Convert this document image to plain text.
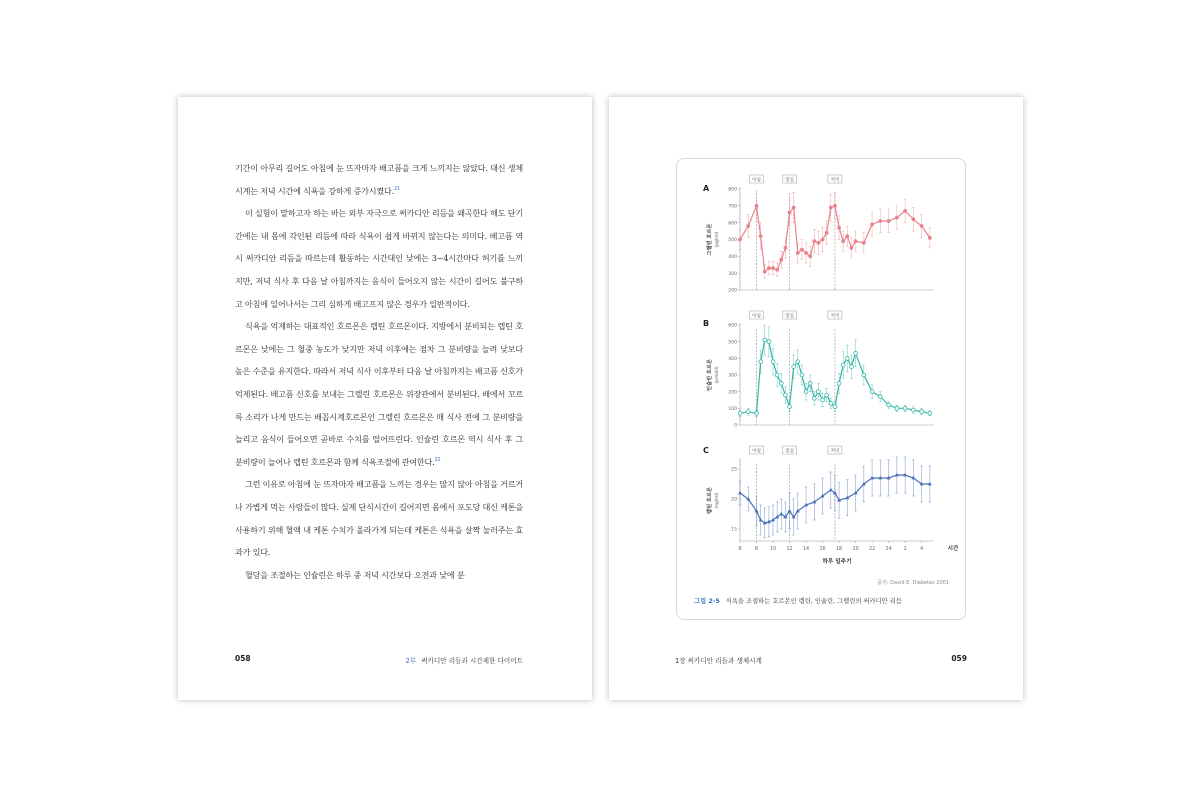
기간이 아무리 길어도 아침에 눈 뜨자마자 배고픔을 크게 느끼지는 않았다. 대신 생체시계는 저녁 시간에 식욕을 강하게 증가시켰다.$^{21}$

이 실험이 말하고자 하는 바는 외부 자극으로 써카디안 리듬을 왜곡한다 해도 단기간에는 내 몸에 각인된 리듬에 따라 식욕이 쉽게 바뀌지 않는다는 의미다. 배고픔 역시 써카디안 리듬을 따르는데 활동하는 시간대인 낮에는 3~4시간마다 허기를 느끼지만, 저녁 식사 후 다음 날 아침까지는 음식이 들어오지 않는 시간이 길어도 불구하고 아침에 일어나서는 그리 심하게 배고프지 않은 경우가 일반적이다.

식욕을 억제하는 대표적인 호르몬은 렙틴 호르몬이다. 지방에서 분비되는 렙틴 호르몬은 낮에는 그 혈중 농도가 낮지만 저녁 이후에는 점차 그 분비량을 늘려 낮보다 높은 수준을 유지한다. 따라서 저녁 식사 이후부터 다음 날 아침까지는 배고픔 신호가 억제된다. 배고픔 신호를 보내는 그렐린 호르몬은 위장관에서 분비된다. 배에서 꼬르륵 소리가 나게 만드는 배꼽시계호르몬인 그렐린 호르몬은 매 식사 전에 그 분비량을 늘리고 음식이 들어오면 곧바로 수치를 떨어뜨린다. 인슐린 호르몬 역시 식사 후 그 분비량이 늘어나 렙틴 호르몬과 함께 식욕조절에 관여한다.$^{22}$

그런 이유로 아침에 눈 뜨자마자 배고픔을 느끼는 경우는 많지 않아 아침을 거르거나 가볍게 먹는 사람들이 많다. 실제 단식시간이 길어지면 몸에서 포도당 대신 케톤을 사용하기 위해 혈액 내 케톤 수치가 올라가게 되는데 케톤은 식욕을 살짝 눌러주는 효과가 있다.

혈당을 조절하는 인슐린은 하루 중 저녁 시간보다 오전과 낮에 분

058	2부 써카디안 리듬과 시간제한 다이어트
A
그렐린 호르몬 (pg/ml)
200
300
400
500
600
700
800
아침	점심	저녁
B
인슐린 호르몬 (pmol/l)
0
100
200
300
400
500
600
아침	점심	저녁
C
렙틴 호르몬 (ng/ml)
15
20
25
아침	점심	저녁
6	8 10 12 14 16 18 20 22 24 2	4	시간
하루 일주기
출처: David E. Diabetes 2001
그림 2-5 식욕을 조절하는 호르몬인 렙틴, 인슐린, 그렐린의 써카디안 리듬
1장 써카디안 리듬과 생체시계	059
